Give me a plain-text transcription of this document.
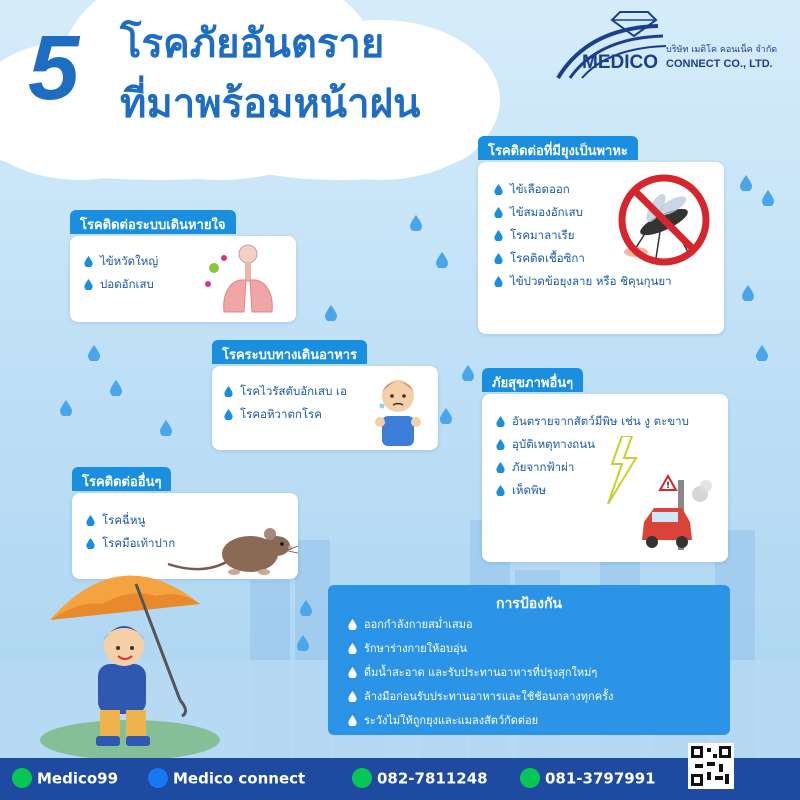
5 โรคภัยอันตราย
ที่มาพร้อมหน้าฝน
MEDICO
บริษัท เมดิโค คอนเน็ค จำกัด
CONNECT CO., LTD.
โรคติดต่อที่มียุงเป็นพาหะ
ไข้เลือดออก
ไข้สมองอักเสบ
โรคมาลาเรีย
โรคติดเชื้อซิกา
ไข้ปวดข้อยุงลาย หรือ ชิคุนกุนยา
โรคติดต่อระบบเดินหายใจ
ไข้หวัดใหญ่
ปอดอักเสบ
โรคระบบทางเดินอาหาร
โรคไวรัสตับอักเสบ เอ
โรคอหิวาตกโรค
ภัยสุขภาพอื่นๆ
อันตรายจากสัตว์มีพิษ เช่น งู ตะขาบ
อุบัติเหตุทางถนน
ภัยจากฟ้าผ่า
เห็ดพิษ	!
โรคติดต่ออื่นๆ
โรคฉี่หนู
โรคมือเท้าปาก
การป้องกัน
ออกกำลังกายสม่ำเสมอ
รักษาร่างกายให้อบอุ่น
ดื่มน้ำสะอาด และรับประทานอาหารที่ปรุงสุกใหม่ๆ
ล้างมือก่อนรับประทานอาหารและใช้ช้อนกลางทุกครั้ง
ระวังไม่ให้ถูกยุงและแมลงสัตว์กัดต่อย
Medico99	Medico connect	082-7811248	081-3797991
